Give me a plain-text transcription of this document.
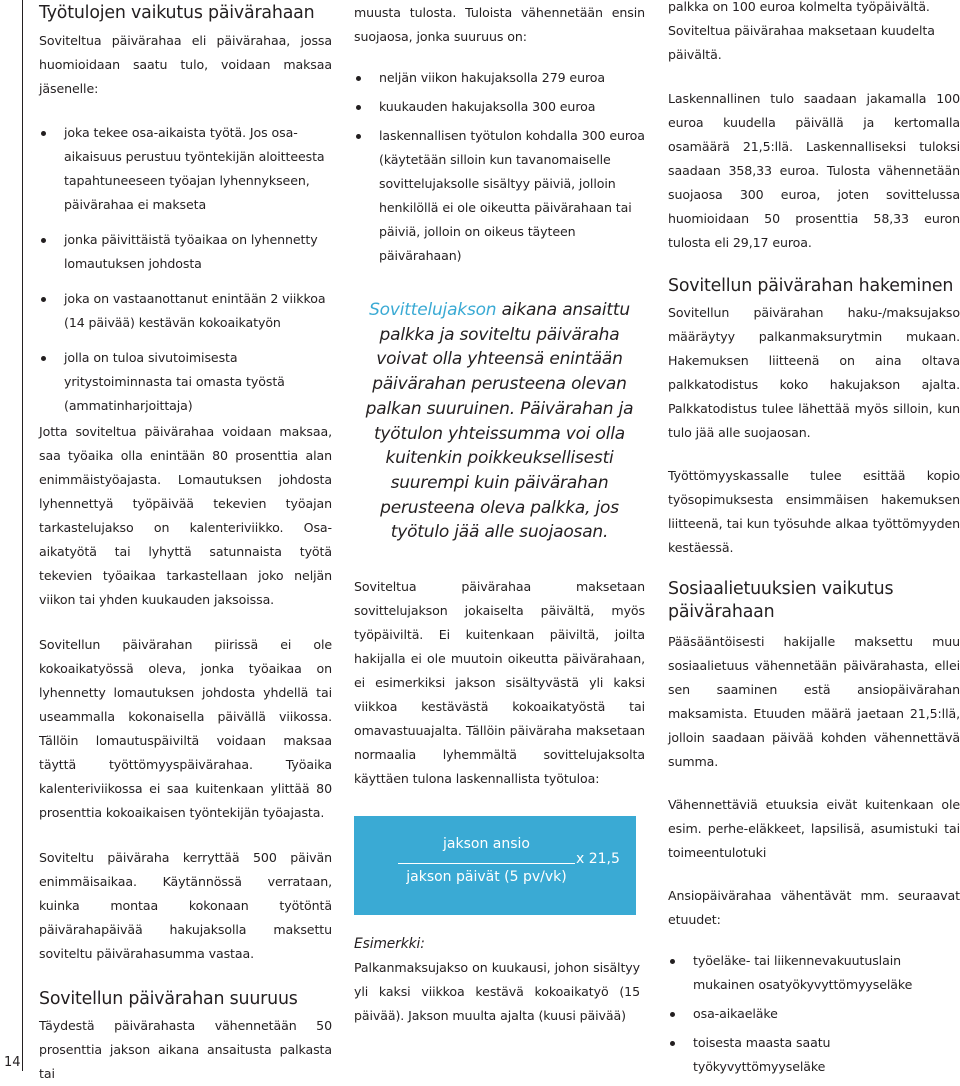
Työtulojen vaikutus päivärahaan

Soviteltua päivärahaa eli päivärahaa, jossa huomioidaan saatu tulo, voidaan maksaa jäsenelle:

joka tekee osa-aikaista työtä. Jos osa-aikaisuus perustuu työntekijän aloitteesta tapahtuneeseen työajan lyhennykseen, päivärahaa ei makseta
jonka päivittäistä työaikaa on lyhennetty lomautuksen johdosta
joka on vastaanottanut enintään 2 viikkoa (14 päivää) kestävän kokoaikatyön
jolla on tuloa sivutoimisesta yritystoiminnasta tai omasta työstä (ammatinharjoittaja)

Jotta soviteltua päivärahaa voidaan maksaa, saa työaika olla enintään 80 prosenttia alan enimmäistyöajasta. Lomautuksen johdosta lyhennettyä työpäivää tekevien työajan tarkastelujakso on kalenteriviikko. Osa-aikatyötä tai lyhyttä satunnaista työtä tekevien työaikaa tarkastellaan joko neljän viikon tai yhden kuukauden jaksoissa.

Sovitellun päivärahan piirissä ei ole kokoaikatyössä oleva, jonka työaikaa on lyhennetty lomautuksen johdosta yhdellä tai useammalla kokonaisella päivällä viikossa. Tällöin lomautuspäiviltä voidaan maksaa täyttä työttömyyspäivärahaa. Työaika kalenteriviikossa ei saa kuitenkaan ylittää 80 prosenttia kokoaikaisen työntekijän työajasta.

Soviteltu päiväraha kerryttää 500 päivän enimmäisaikaa. Käytännössä verrataan, kuinka montaa kokonaan työtöntä päivärahapäivää hakujaksolla maksettu soviteltu päivärahasumma vastaa.

Sovitellun päivärahan suuruus

Täydestä päivärahasta vähennetään 50 prosenttia jakson aikana ansaitusta palkasta tai

muusta tulosta. Tuloista vähennetään ensin suojaosa, jonka suuruus on:

neljän viikon hakujaksolla 279 euroa
kuukauden hakujaksolla 300 euroa
laskennallisen työtulon kohdalla 300 euroa (käytetään silloin kun tavanomaiselle sovittelujaksolle sisältyy päiviä, jolloin henkilöllä ei ole oikeutta päivärahaan tai päiviä, jolloin on oikeus täyteen päivärahaan)

Sovittelujakson aikana ansaittu palkka ja soviteltu päiväraha voivat olla yhteensä enintään päivärahan perusteena olevan palkan suuruinen. Päivärahan ja työtulon yhteissumma voi olla kuitenkin poikkeuksellisesti suurempi kuin päivärahan perusteena oleva palkka, jos työtulo jää alle suojaosan.

Soviteltua päivärahaa maksetaan sovittelujakson jokaiselta päivältä, myös työpäiviltä. Ei kuitenkaan päiviltä, joilta hakijalla ei ole muutoin oikeutta päivärahaan, ei esimerkiksi jakson sisältyvästä yli kaksi viikkoa kestävästä kokoaikatyöstä tai omavastuuajalta. Tällöin päiväraha maksetaan normaalia lyhemmältä sovittelujaksolta käyttäen tulona laskennallista työtuloa:

jakson ansio
jakson päivät (5 pv/vk)
x 21,5

Esimerkki:

Palkanmaksujakso on kuukausi, johon sisältyy yli kaksi viikkoa kestävä kokoaikatyö (15 päivää). Jakson muulta ajalta (kuusi päivää)

palkka on 100 euroa kolmelta työpäivältä. Soviteltua päivärahaa maksetaan kuudelta päivältä.

Laskennallinen tulo saadaan jakamalla 100 euroa kuudella päivällä ja kertomalla osamäärä 21,5:llä. Laskennalliseksi tuloksi saadaan 358,33 euroa. Tulosta vähennetään suojaosa 300 euroa, joten sovittelussa huomioidaan 50 prosenttia 58,33 euron tulosta eli 29,17 euroa.

Sovitellun päivärahan hakeminen

Sovitellun päivärahan haku-/maksujakso määräytyy palkanmaksurytmin mukaan. Hakemuksen liitteenä on aina oltava palkkatodistus koko hakujakson ajalta. Palkkatodistus tulee lähettää myös silloin, kun tulo jää alle suojaosan.

Työttömyyskassalle tulee esittää kopio työsopimuksesta ensimmäisen hakemuksen liitteenä, tai kun työsuhde alkaa työttömyyden kestäessä.

Sosiaalietuuksien vaikutus päivärahaan

Pääsääntöisesti hakijalle maksettu muu sosiaalietuus vähennetään päivärahasta, ellei sen saaminen estä ansiopäivärahan maksamista. Etuuden määrä jaetaan 21,5:llä, jolloin saadaan päivää kohden vähennettävä summa.

Vähennettäviä etuuksia eivät kuitenkaan ole esim. perhe-eläkkeet, lapsilisä, asumistuki tai toimeentulotuki

Ansiopäivärahaa vähentävät mm. seuraavat etuudet:

työeläke- tai liikennevakuutuslain mukainen osatyökyvyttömyyseläke
osa-aikaeläke
toisesta maasta saatu työkyvyttömyyseläke
14
